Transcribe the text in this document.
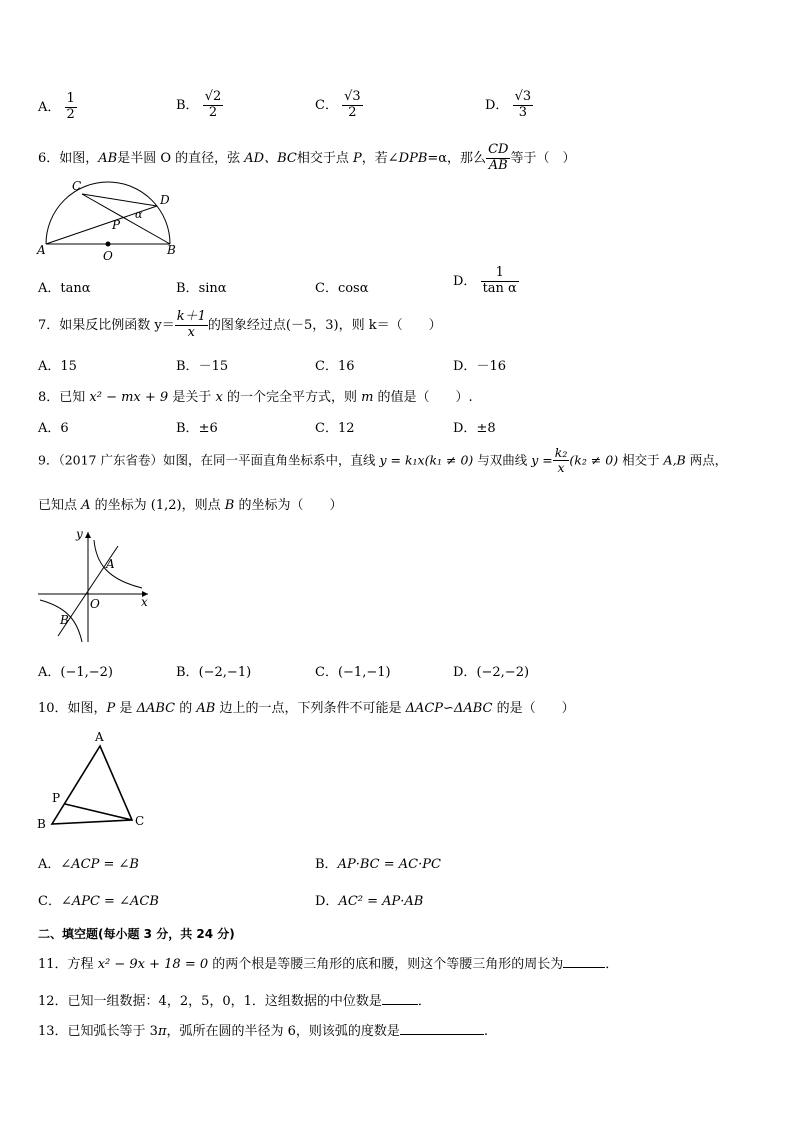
A． $\frac{1}{2}$	B． $\frac{√2}{2}$	C． $\frac{√3}{2}$	D． $\frac{√3}{3}$
6．如图，AB是半圆 O 的直径，弦 AD、BC相交于点 P，若∠DPB=α，那么 $\frac{CD}{AB}$ 等于（　）
C
D
P
α
A	B
O
A．tanα	B．sinα	C．cosα	D． $\frac{1}{\text{tan α}}$
7．如果反比例函数 $y= \frac{k+1}{x}$ 的图象经过点(－5，3)，则 k＝（　　）
A．15	B．－15	C．16	D．－16
8．已知 x² − mx + 9 是关于 x 的一个完全平方式，则 m 的值是（　　）.
A．6	B．±6	C．12	D．±8
9．（2017 广东省卷）如图，在同一平面直角坐标系中，直线 y = k₁x(k₁ ≠ 0) 与双曲线 $y = \frac{\text{k₂}}{x} (k_2 \ne 0)$ 相交于 A,B 两点，
已知点 A 的坐标为 (1,2)，则点 B 的坐标为（　　）
y
x
O
A
B
A．(−1,−2)	B．(−2,−1)	C．(−1,−1)	D．(−2,−2)
10．如图，P 是 ΔABC 的 AB 边上的一点，下列条件不可能是 ΔACP∽ΔABC 的是（　　）
A
P
B	C
A．∠ACP = ∠B	B．AP·BC = AC·PC
C．∠APC = ∠ACB	D．AC² = AP·AB
二、填空题(每小题 3 分，共 24 分)
11．方程 x² − 9x + 18 = 0 的两个根是等腰三角形的底和腰，则这个等腰三角形的周长为	．
12．已知一组数据：4，2，5，0，1．这组数据的中位数是	．
13．已知弧长等于 3π，弧所在圆的半径为 6，则该弧的度数是	.
